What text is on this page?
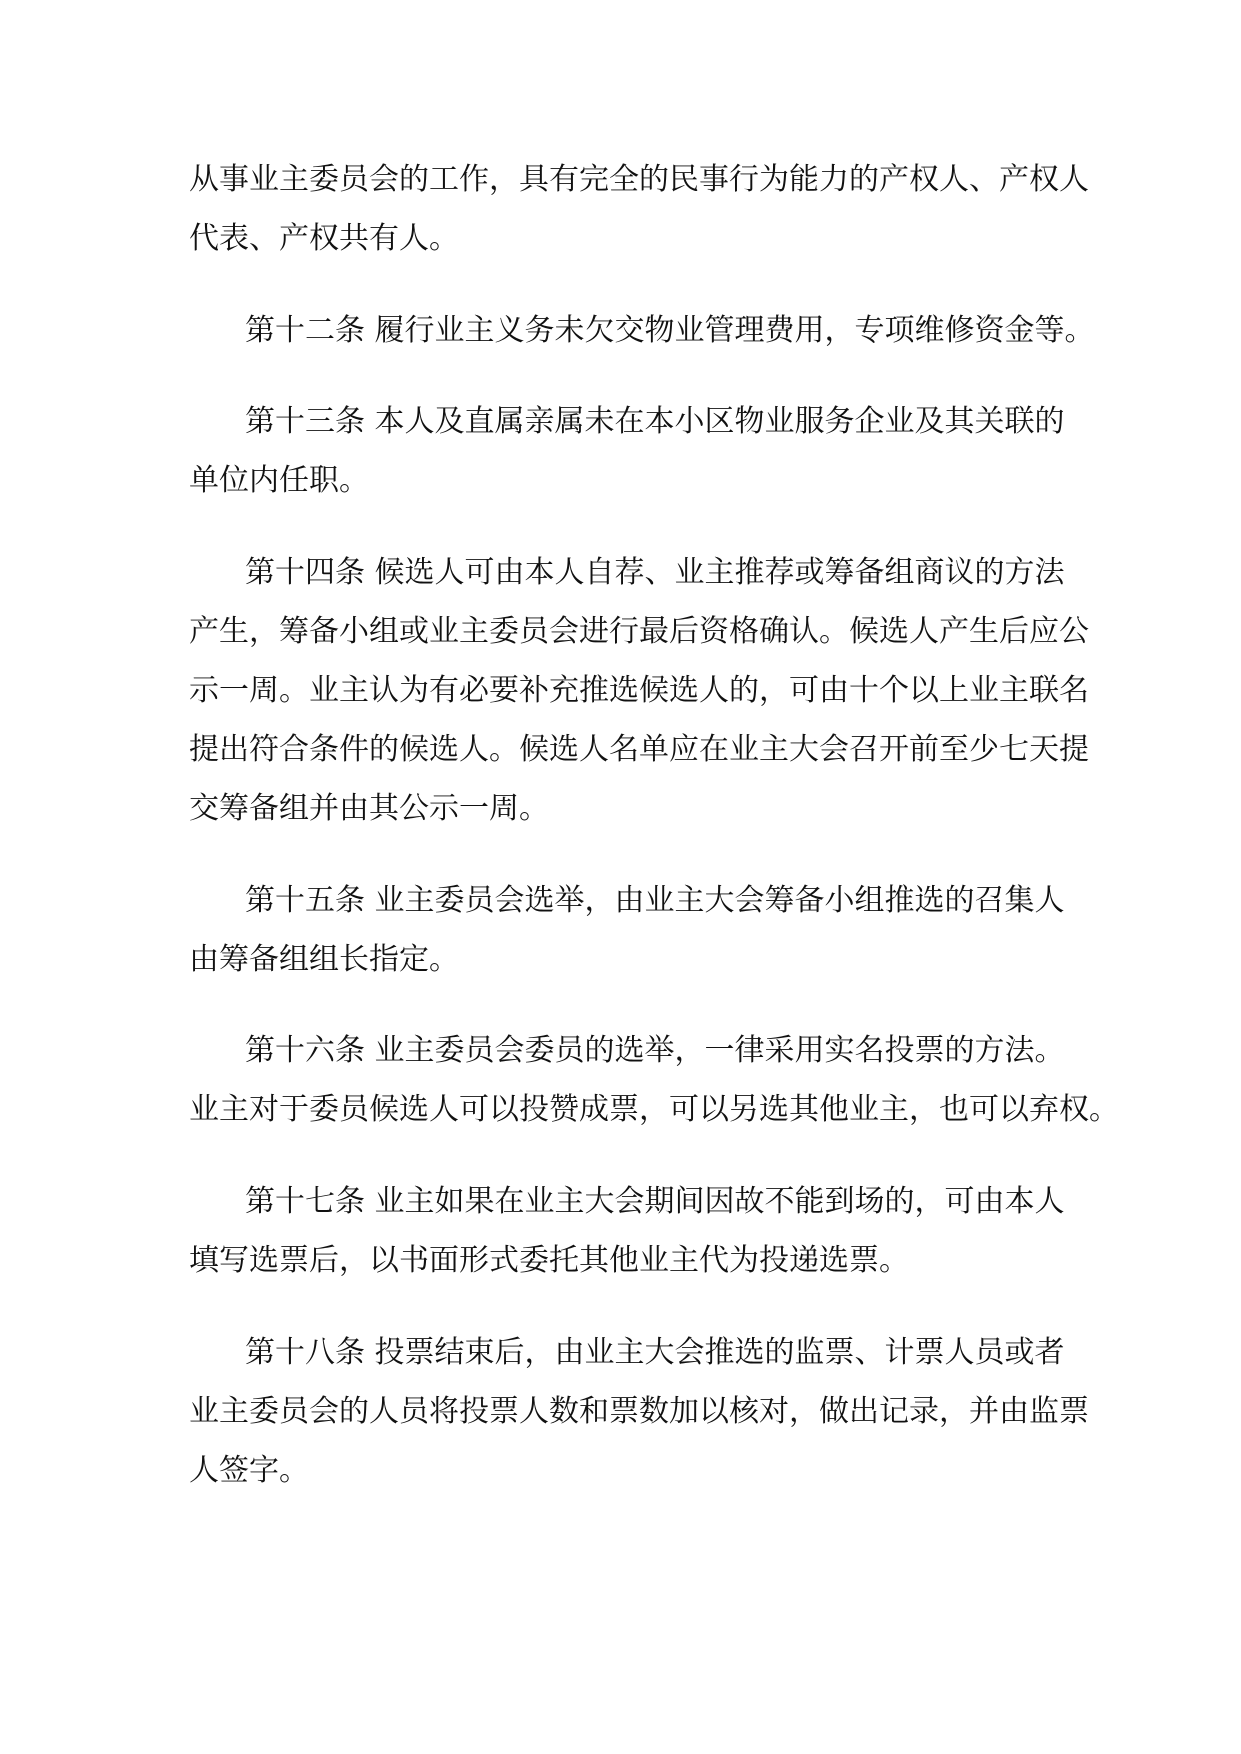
从事业主委员会的工作，具有完全的民事行为能力的产权人、产权人
代表、产权共有人。
第十二条 履行业主义务未欠交物业管理费用，专项维修资金等。
第十三条 本人及直属亲属未在本小区物业服务企业及其关联的
单位内任职。
第十四条 候选人可由本人自荐、业主推荐或筹备组商议的方法
产生，筹备小组或业主委员会进行最后资格确认。候选人产生后应公
示一周。业主认为有必要补充推选候选人的，可由十个以上业主联名
提出符合条件的候选人。候选人名单应在业主大会召开前至少七天提
交筹备组并由其公示一周。
第十五条 业主委员会选举，由业主大会筹备小组推选的召集人
由筹备组组长指定。
第十六条 业主委员会委员的选举，一律采用实名投票的方法。
业主对于委员候选人可以投赞成票，可以另选其他业主，也可以弃权。
第十七条 业主如果在业主大会期间因故不能到场的，可由本人
填写选票后，以书面形式委托其他业主代为投递选票。
第十八条 投票结束后，由业主大会推选的监票、计票人员或者
业主委员会的人员将投票人数和票数加以核对，做出记录，并由监票
人签字。
